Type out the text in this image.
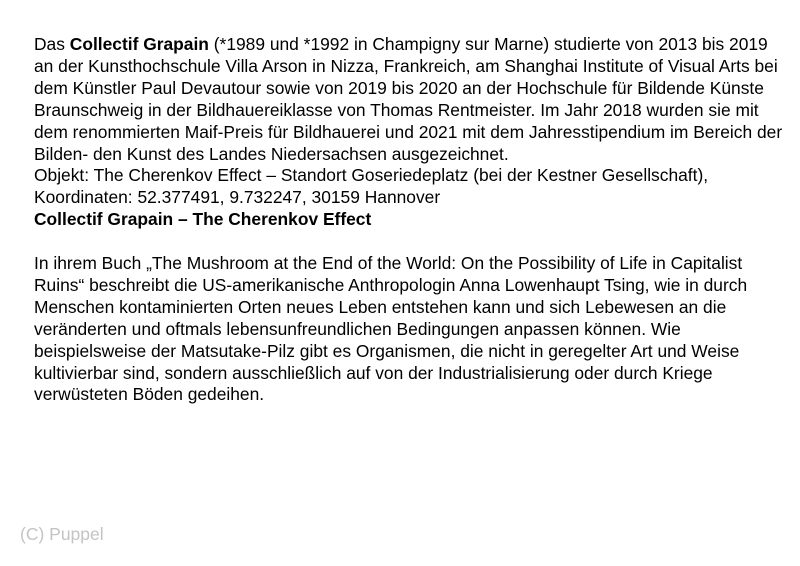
Das Collectif Grapain (*1989 und *1992 in Champigny sur Marne) studierte von 2013 bis 2019 an der Kunsthochschule Villa Arson in Nizza, Frankreich, am Shanghai Institute of Visual Arts bei dem Künstler Paul Devautour sowie von 2019 bis 2020 an der Hochschule für Bildende Künste Braunschweig in der Bildhauereiklasse von Thomas Rentmeister. Im Jahr 2018 wurden sie mit dem renommierten Maif-Preis für Bildhauerei und 2021 mit dem Jahresstipendium im Bereich der Bilden- den Kunst des Landes Niedersachsen ausgezeichnet.

Objekt: The Cherenkov Effect – Standort Goseriedeplatz (bei der Kestner Gesellschaft), Koordinaten: 52.377491, 9.732247, 30159 Hannover

Collectif Grapain – The Cherenkov Effect

In ihrem Buch „The Mushroom at the End of the World: On the Possibility of Life in Capitalist Ruins“ beschreibt die US-amerikanische Anthropologin Anna Lowenhaupt Tsing, wie in durch Menschen kontaminierten Orten neues Leben entstehen kann und sich Lebewesen an die veränderten und oftmals lebensunfreundlichen Bedingungen anpassen können. Wie beispielsweise der Matsutake-Pilz gibt es Organismen, die nicht in geregelter Art und Weise kultivierbar sind, sondern ausschließlich auf von der Industrialisierung oder durch Kriege verwüsteten Böden gedeihen.

(C) Puppel
